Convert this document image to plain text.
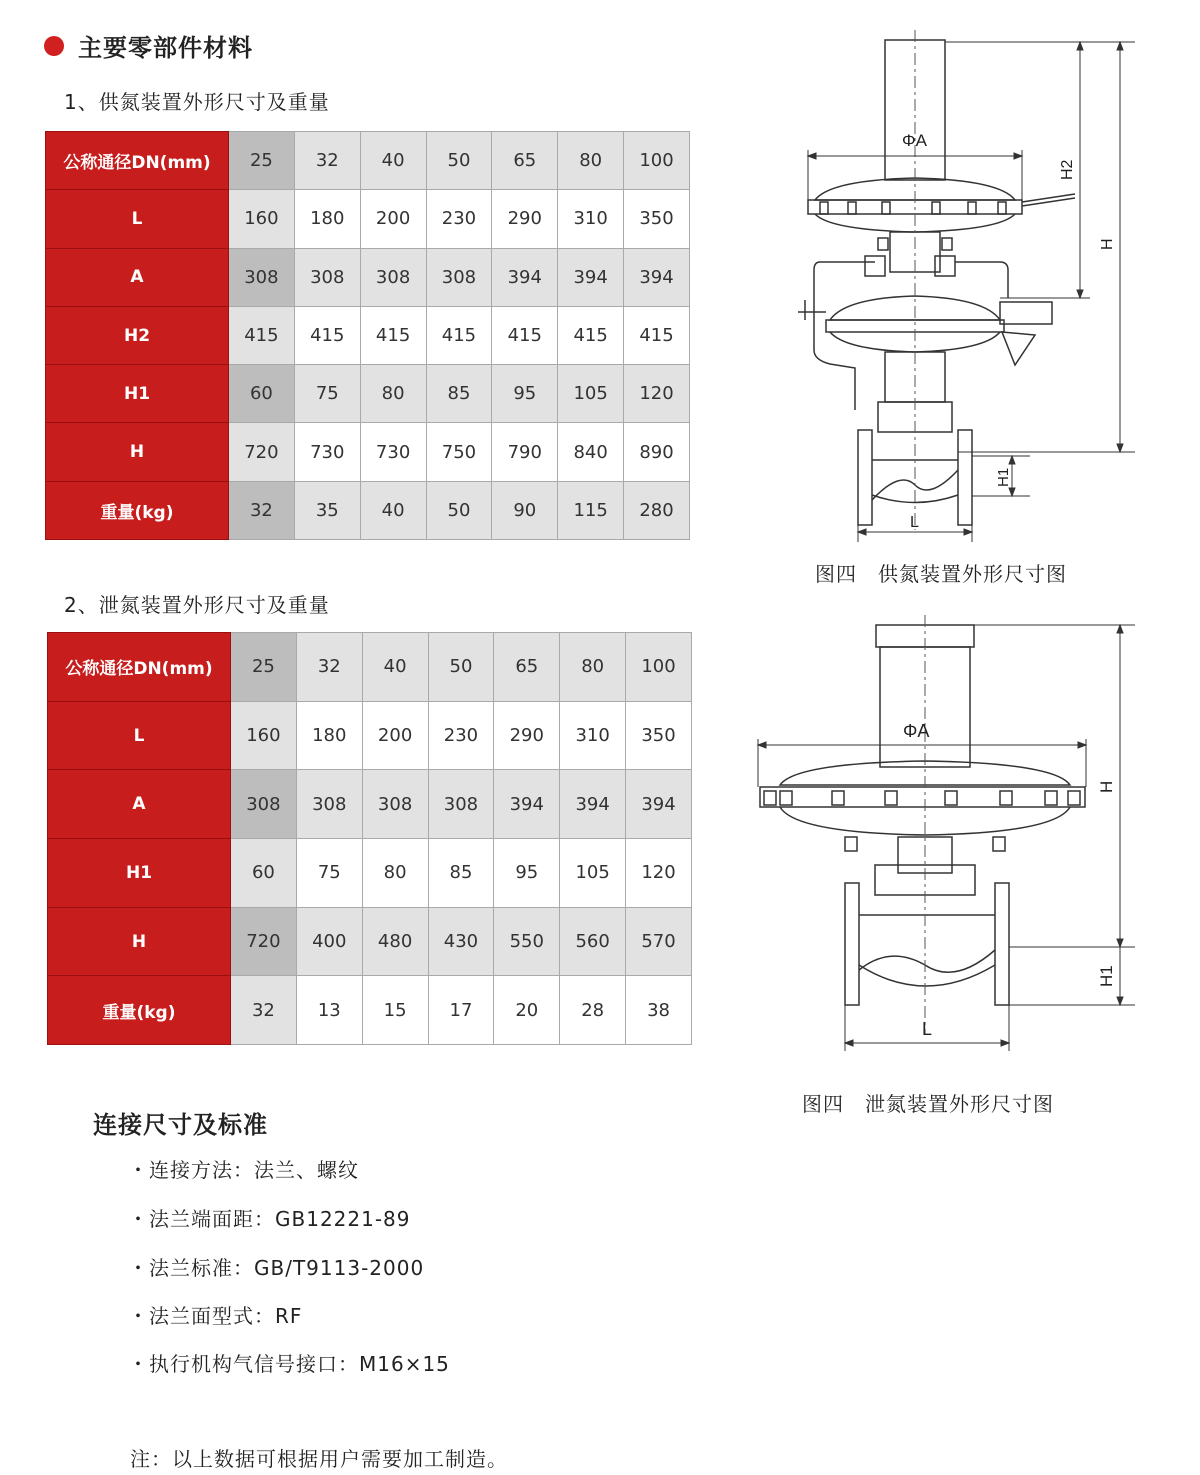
主要零部件材料
1、供氮装置外形尺寸及重量
公称通径DN(mm)	25	32	40	50	65	80	100
L	160	180	200	230	290	310	350
A	308	308	308	308	394	394	394
H2	415	415	415	415	415	415	415
H1	60	75	80	85	95	105	120
H	720	730	730	750	790	840	890
重量(kg)	32	35	40	50	90	115	280
2、泄氮装置外形尺寸及重量
公称通径DN(mm)	25	32	40	50	65	80	100
L	160	180	200	230	290	310	350
A	308	308	308	308	394	394	394
H1	60	75	80	85	95	105	120
H	720	400	480	430	550	560	570
重量(kg)	32	13	15	17	20	28	38
ΦA
H2
H
H1
L
图四　供氮装置外形尺寸图
ΦA
H
H1
L
图四　泄氮装置外形尺寸图
连接尺寸及标准
・连接方法：法兰、螺纹
・法兰端面距：GB12221-89
・法兰标准：GB/T9113-2000
・法兰面型式：RF
・执行机构气信号接口：M16×15
注：以上数据可根据用户需要加工制造。
